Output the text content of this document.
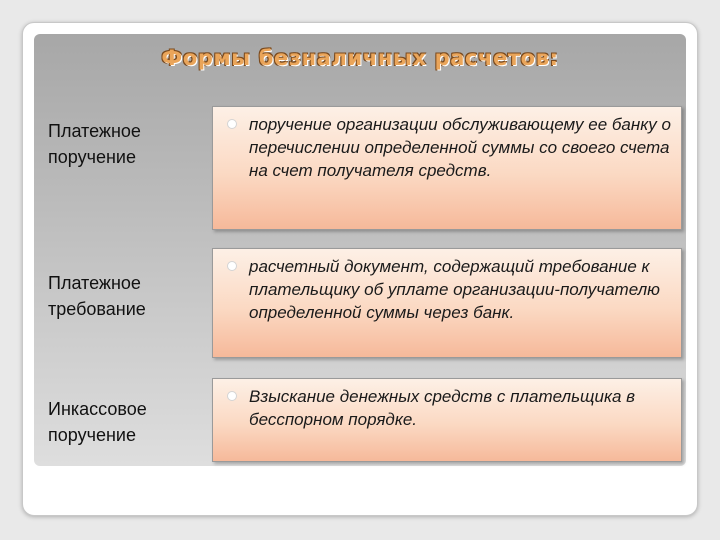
Формы безналичных расчетов:
Платежное поручение
поручение организации обслуживающему ее банку о перечислении определенной суммы со своего счета на счет получателя средств.
Платежное требование
расчетный документ, содержащий требование к плательщику об уплате организации-получателю определенной суммы через банк.
Инкассовое поручение
Взыскание денежных средств с плательщика в бесспорном порядке.
